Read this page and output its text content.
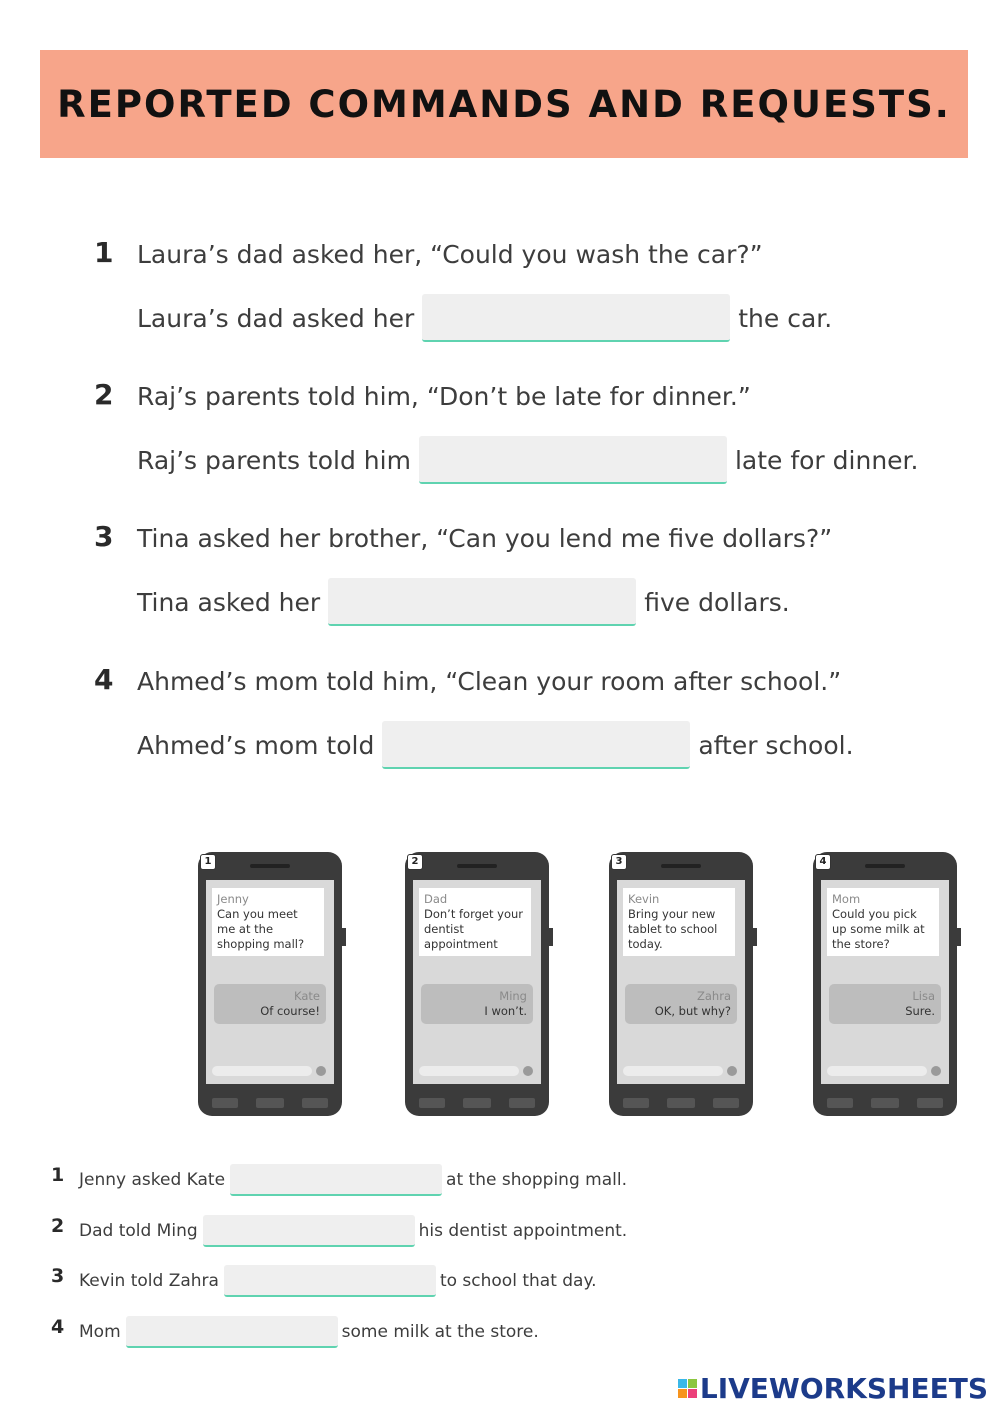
REPORTED COMMANDS AND REQUESTS.
1 Laura’s dad asked her, “Could you wash the car?”
Laura’s dad asked her	the car.
2 Raj’s parents told him, “Don’t be late for dinner.”
Raj’s parents told him	late for dinner.
3 Tina asked her brother, “Can you lend me five dollars?”
Tina asked her	five dollars.
4 Ahmed’s mom told him, “Clean your room after school.”
Ahmed’s mom told	after school.
1
Jenny
Can you meet me at the shopping mall?
Kate
Of course!
2
Dad
Don’t forget your dentist appointment
Ming
I won’t.
3
Kevin
Bring your new tablet to school today.
Zahra
OK, but why?
4
Mom
Could you pick up some milk at the store?
Lisa
Sure.
1 Jenny asked Kate	at the shopping mall.
2 Dad told Ming	his dentist appointment.
3 Kevin told Zahra	to school that day.
4 Mom	some milk at the store.
LIVEWORKSHEETS
